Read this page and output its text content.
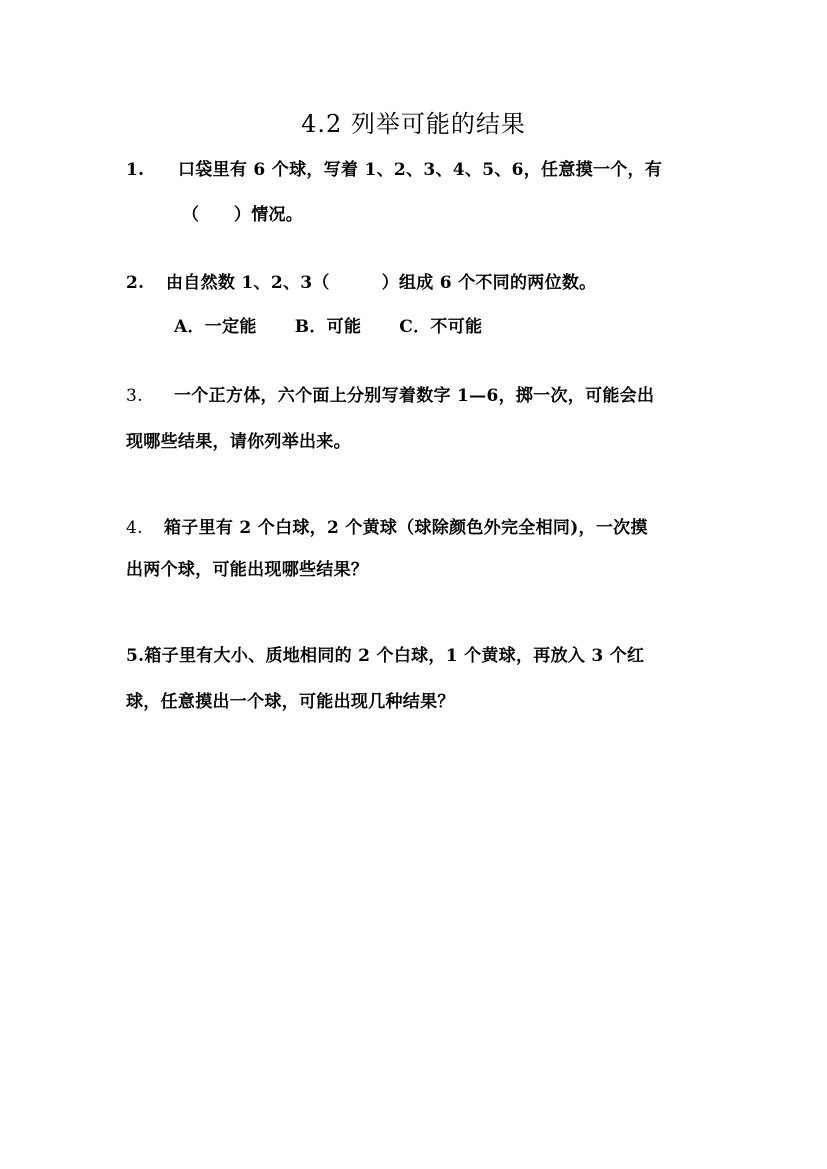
4.2 列举可能的结果
1. 口袋里有 6 个球，写着 1、2、3、4、5、6，任意摸一个，有
（　　）情况。
2. 由自然数 1、2、3（　　　）组成 6 个不同的两位数。
A．一定能 B．可能 C．不可能
3. 一个正方体，六个面上分别写着数字 1—6，掷一次，可能会出
现哪些结果，请你列举出来。
4. 箱子里有 2 个白球，2 个黄球（球除颜色外完全相同)，一次摸
出两个球，可能出现哪些结果？
5.箱子里有大小、质地相同的 2 个白球，1 个黄球，再放入 3 个红
球，任意摸出一个球，可能出现几种结果？
